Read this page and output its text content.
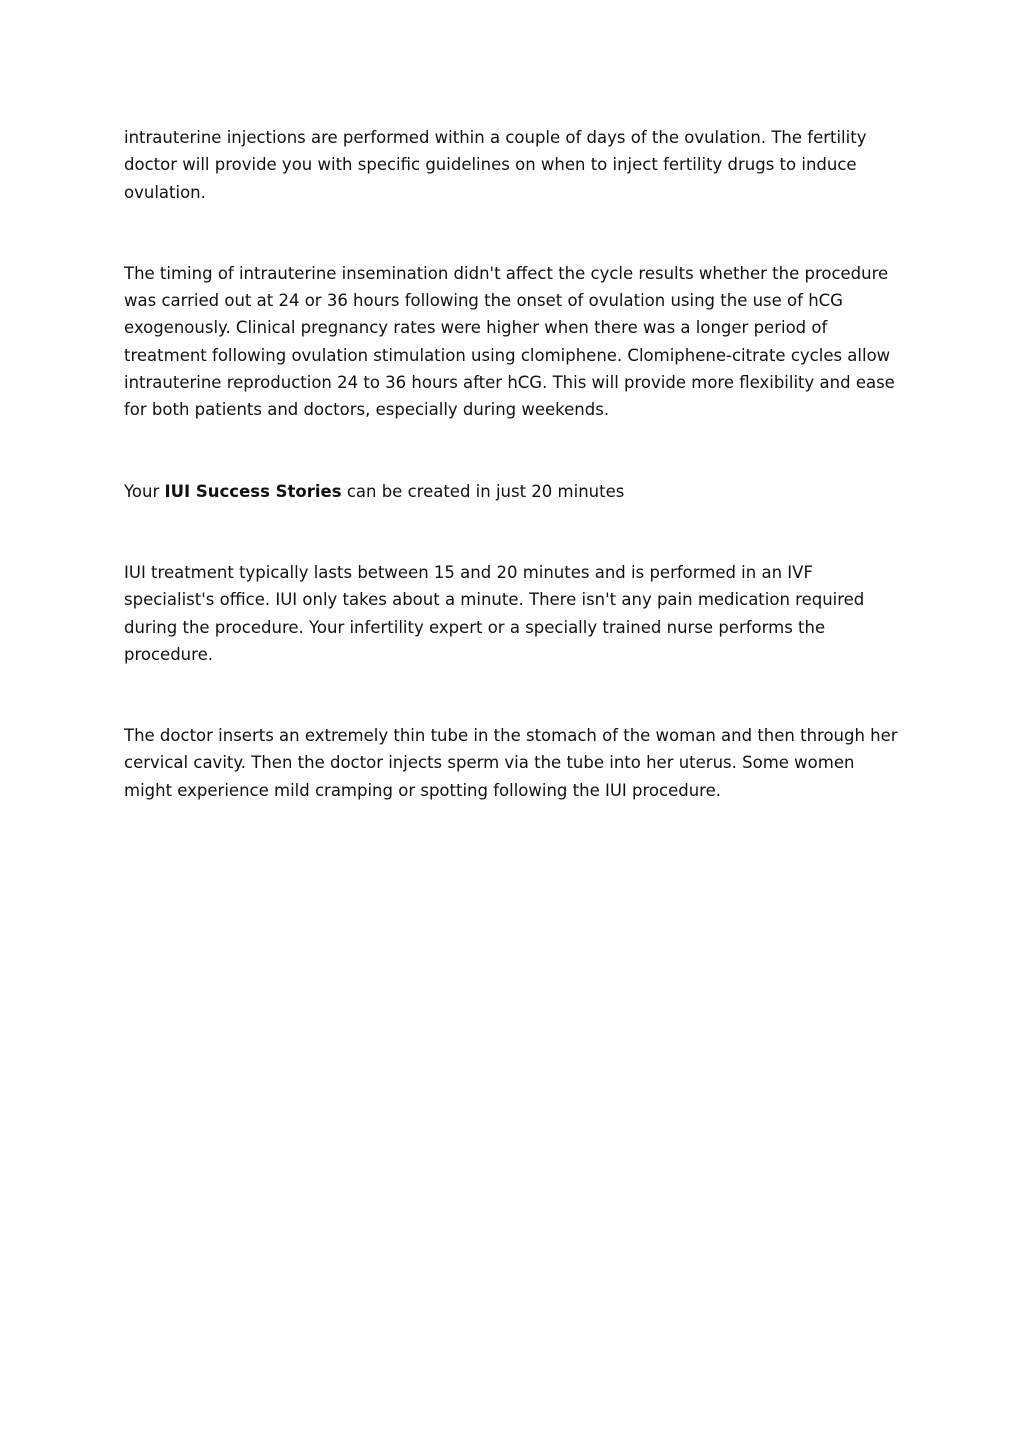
intrauterine injections are performed within a couple of days of the ovulation. The fertility doctor will provide you with specific guidelines on when to inject fertility drugs to induce ovulation.

The timing of intrauterine insemination didn't affect the cycle results whether the procedure was carried out at 24 or 36 hours following the onset of ovulation using the use of hCG exogenously. Clinical pregnancy rates were higher when there was a longer period of treatment following ovulation stimulation using clomiphene. Clomiphene-citrate cycles allow intrauterine reproduction 24 to 36 hours after hCG. This will provide more flexibility and ease for both patients and doctors, especially during weekends.

Your IUI Success Stories can be created in just 20 minutes

IUI treatment typically lasts between 15 and 20 minutes and is performed in an IVF specialist's office. IUI only takes about a minute. There isn't any pain medication required during the procedure. Your infertility expert or a specially trained nurse performs the procedure.

The doctor inserts an extremely thin tube in the stomach of the woman and then through her cervical cavity. Then the doctor injects sperm via the tube into her uterus. Some women might experience mild cramping or spotting following the IUI procedure.
